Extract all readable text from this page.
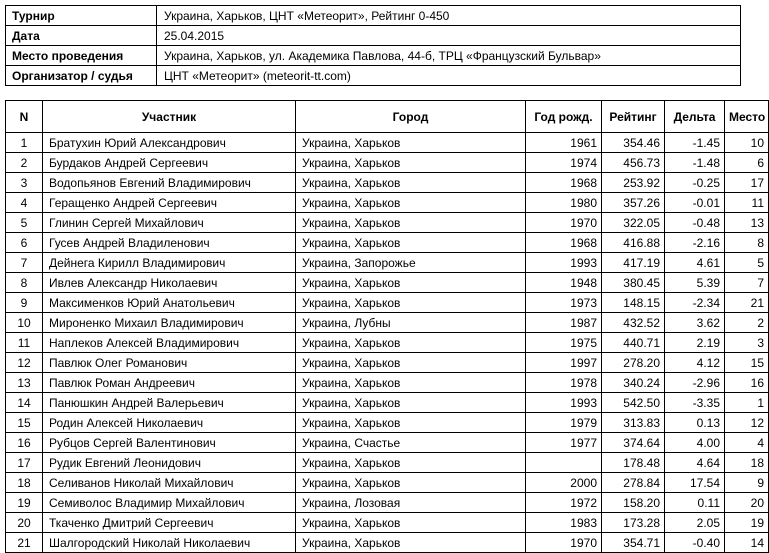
Турнир	Украина, Харьков, ЦНТ «Метеорит», Рейтинг 0-450
Дата	25.04.2015
Место проведения	Украина, Харьков, ул. Академика Павлова, 44-б, ТРЦ «Французский Бульвар»
Организатор / судья	ЦНТ «Метеорит» (meteorit-tt.com)
N	Участник	Город	Год рожд.	Рейтинг	Дельта	Место
1	Братухин Юрий Александрович	Украина, Харьков	1961	354.46	-1.45	10
2	Бурдаков Андрей Сергеевич	Украина, Харьков	1974	456.73	-1.48	6
3	Водопьянов Евгений Владимирович	Украина, Харьков	1968	253.92	-0.25	17
4	Геращенко Андрей Сергеевич	Украина, Харьков	1980	357.26	-0.01	11
5	Глинин Сергей Михайлович	Украина, Харьков	1970	322.05	-0.48	13
6	Гусев Андрей Владиленович	Украина, Харьков	1968	416.88	-2.16	8
7	Дейнега Кирилл Владимирович	Украина, Запорожье	1993	417.19	4.61	5
8	Ивлев Александр Николаевич	Украина, Харьков	1948	380.45	5.39	7
9	Максименков Юрий Анатольевич	Украина, Харьков	1973	148.15	-2.34	21
10	Мироненко Михаил Владимирович	Украина, Лубны	1987	432.52	3.62	2
11	Наплеков Алексей Владимирович	Украина, Харьков	1975	440.71	2.19	3
12	Павлюк Олег Романович	Украина, Харьков	1997	278.20	4.12	15
13	Павлюк Роман Андреевич	Украина, Харьков	1978	340.24	-2.96	16
14	Панюшкин Андрей Валерьевич	Украина, Харьков	1993	542.50	-3.35	1
15	Родин Алексей Николаевич	Украина, Харьков	1979	313.83	0.13	12
16	Рубцов Сергей Валентинович	Украина, Счастье	1977	374.64	4.00	4
17	Рудик Евгений Леонидович	Украина, Харьков		178.48	4.64	18
18	Селиванов Николай Михайлович	Украина, Харьков	2000	278.84	17.54	9
19	Семиволос Владимир Михайлович	Украина, Лозовая	1972	158.20	0.11	20
20	Ткаченко Дмитрий Сергеевич	Украина, Харьков	1983	173.28	2.05	19
21	Шалгородский Николай Николаевич	Украина, Харьков	1970	354.71	-0.40	14
